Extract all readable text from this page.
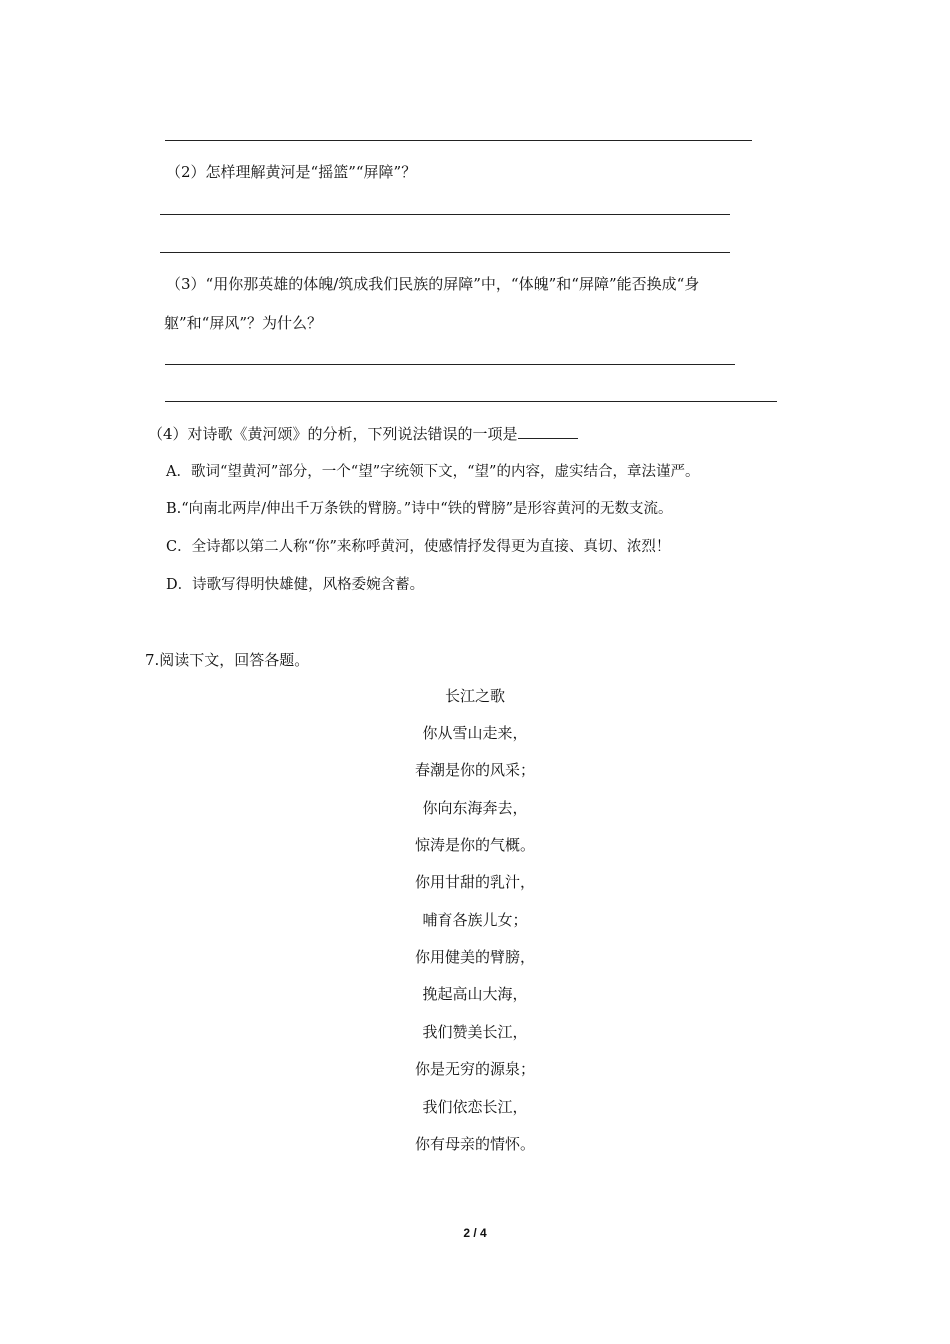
（2）怎样理解黄河是“摇篮”“屏障”？
（3）“用你那英雄的体魄/筑成我们民族的屏障”中，“体魄”和“屏障”能否换成“身
躯”和“屏风”？为什么？
（4）对诗歌《黄河颂》的分析，下列说法错误的一项是
A．歌词“望黄河”部分，一个“望”字统领下文，“望”的内容，虚实结合，章法谨严。
B.“向南北两岸/伸出千万条铁的臂膀。”诗中“铁的臂膀”是形容黄河的无数支流。
C．全诗都以第二人称“你”来称呼黄河，使感情抒发得更为直接、真切、浓烈！
D．诗歌写得明快雄健，风格委婉含蓄。
7.阅读下文，回答各题。
长江之歌
你从雪山走来，
春潮是你的风采；
你向东海奔去，
惊涛是你的气概。
你用甘甜的乳汁，
哺育各族儿女；
你用健美的臂膀，
挽起高山大海，
我们赞美长江，
你是无穷的源泉；
我们依恋长江，
你有母亲的情怀。
2 / 4
